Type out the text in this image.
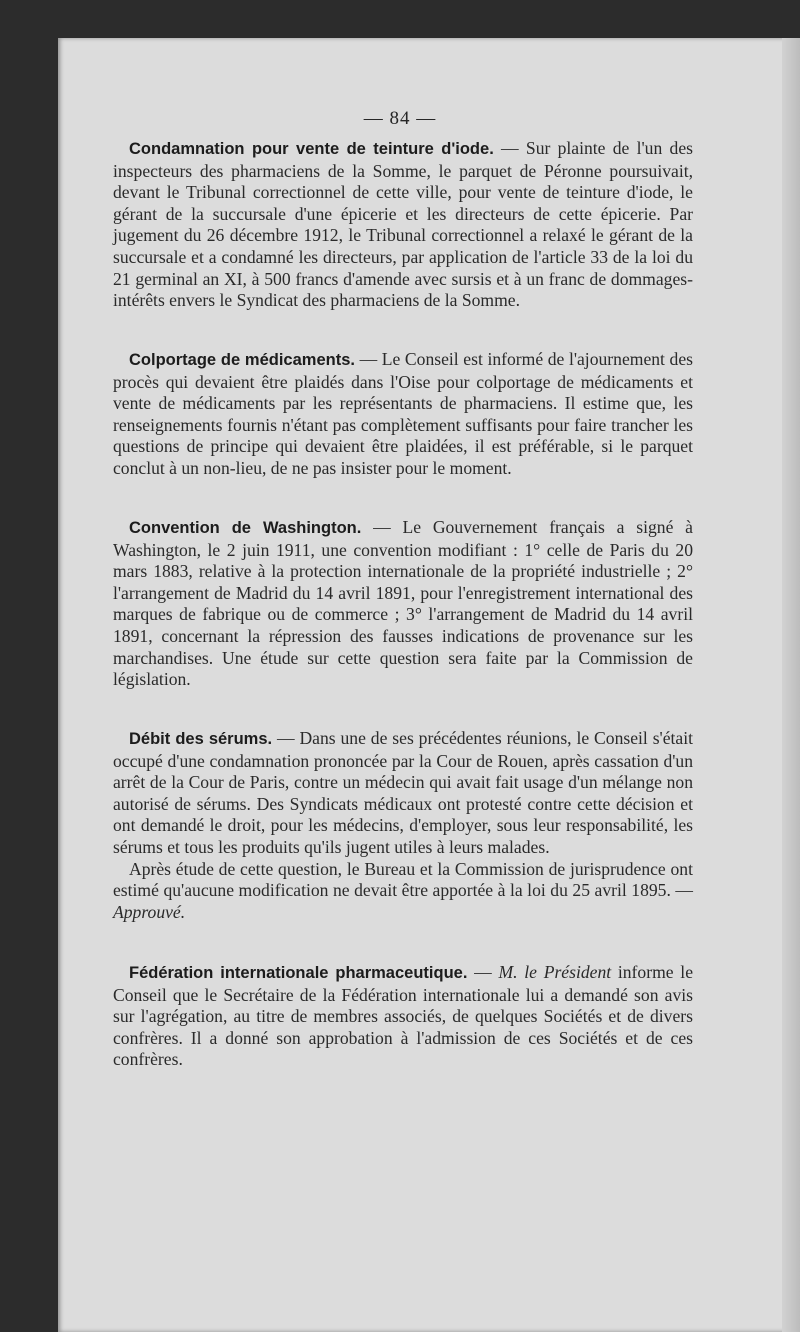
— 84 —

Condamnation pour vente de teinture d'iode. — Sur plainte de l'un des inspecteurs des pharmaciens de la Somme, le parquet de Péronne poursuivait, devant le Tribunal correctionnel de cette ville, pour vente de teinture d'iode, le gérant de la succursale d'une épicerie et les directeurs de cette épicerie. Par jugement du 26 décembre 1912, le Tribunal correctionnel a relaxé le gérant de la succursale et a condamné les directeurs, par application de l'article 33 de la loi du 21 germinal an XI, à 500 francs d'amende avec sursis et à un franc de dommages-intérêts envers le Syndicat des pharmaciens de la Somme.

Colportage de médicaments. — Le Conseil est informé de l'ajournement des procès qui devaient être plaidés dans l'Oise pour colportage de médicaments et vente de médicaments par les représentants de pharmaciens. Il estime que, les renseignements fournis n'étant pas complètement suffisants pour faire trancher les questions de principe qui devaient être plaidées, il est préférable, si le parquet conclut à un non-lieu, de ne pas insister pour le moment.

Convention de Washington. — Le Gouvernement français a signé à Washington, le 2 juin 1911, une convention modifiant : 1° celle de Paris du 20 mars 1883, relative à la protection internationale de la propriété industrielle ; 2° l'arrangement de Madrid du 14 avril 1891, pour l'enregistrement international des marques de fabrique ou de commerce ; 3° l'arrangement de Madrid du 14 avril 1891, concernant la répression des fausses indications de provenance sur les marchandises. Une étude sur cette question sera faite par la Commission de législation.

Débit des sérums. — Dans une de ses précédentes réunions, le Conseil s'était occupé d'une condamnation prononcée par la Cour de Rouen, après cassation d'un arrêt de la Cour de Paris, contre un médecin qui avait fait usage d'un mélange non autorisé de sérums. Des Syndicats médicaux ont protesté contre cette décision et ont demandé le droit, pour les médecins, d'employer, sous leur responsabilité, les sérums et tous les produits qu'ils jugent utiles à leurs malades.

Après étude de cette question, le Bureau et la Commission de jurisprudence ont estimé qu'aucune modification ne devait être apportée à la loi du 25 avril 1895. — Approuvé.

Fédération internationale pharmaceutique. — M. le Président informe le Conseil que le Secrétaire de la Fédération internationale lui a demandé son avis sur l'agrégation, au titre de membres associés, de quelques Sociétés et de divers confrères. Il a donné son approbation à l'admission de ces Sociétés et de ces confrères.
